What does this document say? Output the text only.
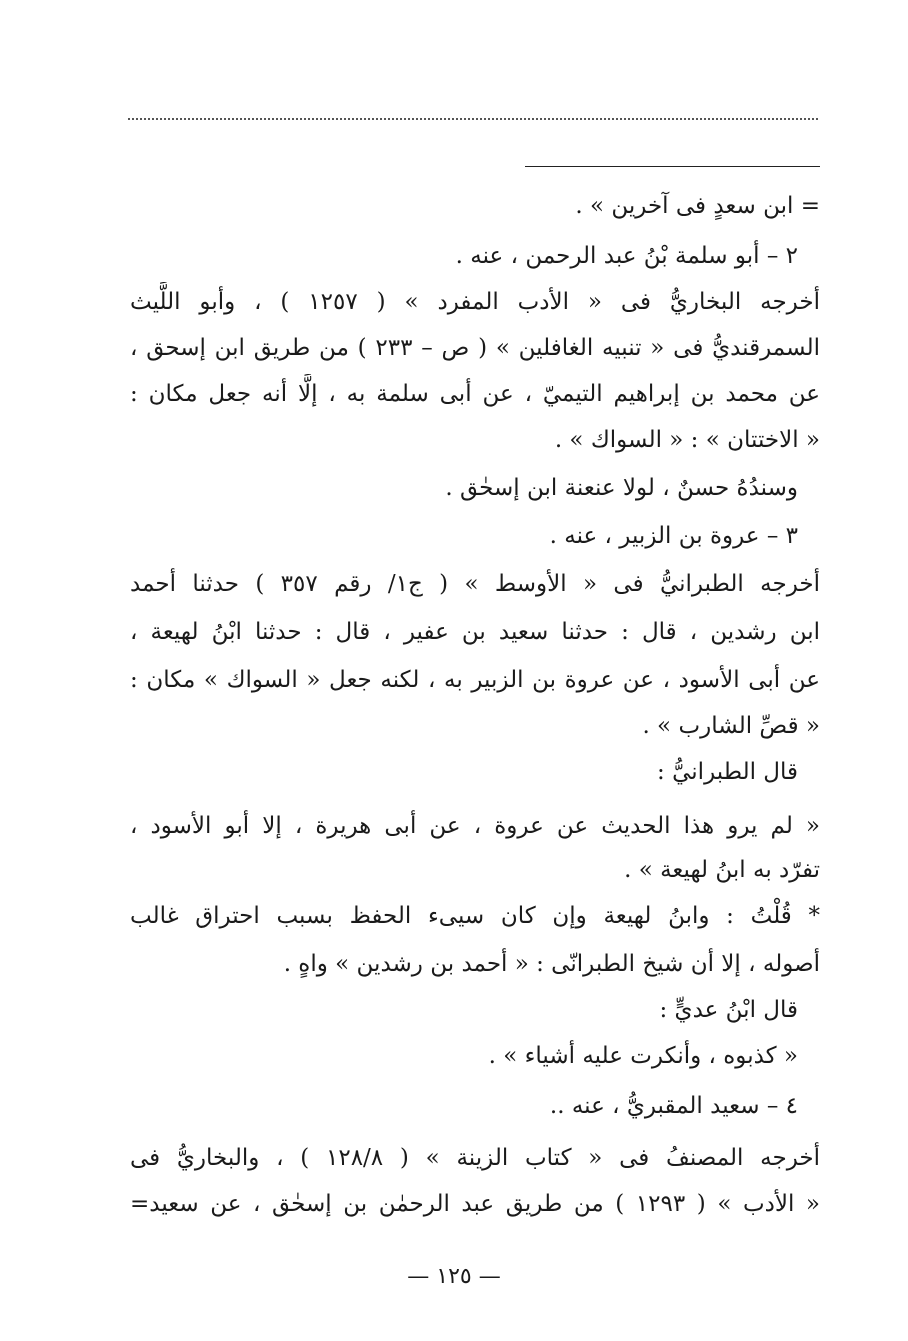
= ابن سعدٍ فى آخرين » .
٢ – أبو سلمة بْنُ عبد الرحمن ، عنه .
أخرجه البخاريُّ فى « الأدب المفرد » ( ١٢٥٧ ) ، وأبو اللَّيث
السمرقنديُّ فى « تنبيه الغافلين » ( ص – ٢٣٣ ) من طريق ابن إسحق ،
عن محمد بن إبراهيم التيميّ ، عن أبى سلمة به ، إلَّا أنه جعل مكان :
« الاختتان » : « السواك » .
وسندُهُ حسنٌ ، لولا عنعنة ابن إسحٰق .
٣ – عروة بن الزبير ، عنه .
أخرجه الطبرانيُّ فى « الأوسط » ( ج١/ رقم ٣٥٧ ) حدثنا أحمد
ابن رشدين ، قال : حدثنا سعيد بن عفير ، قال : حدثنا ابْنُ لهيعة ،
عن أبى الأسود ، عن عروة بن الزبير به ، لكنه جعل « السواك » مكان :
« قصِّ الشارب » .
قال الطبرانيُّ :
« لم يرو هذا الحديث عن عروة ، عن أبى هريرة ، إلا أبو الأسود ،
تفرّد به ابنُ لهيعة » .
* قُلْتُ : وابنُ لهيعة وإن كان سيىء الحفظ بسبب احتراق غالب
أصوله ، إلا أن شيخ الطبرانّى : « أحمد بن رشدين » واهٍ .
قال ابْنُ عديٍّ :
« كذبوه ، وأنكرت عليه أشياء » .
٤ – سعيد المقبريُّ ، عنه ..
أخرجه المصنفُ فى « كتاب الزينة » ( ١٢٨/٨ ) ، والبخاريُّ فى
« الأدب » ( ١٢٩٣ ) من طريق عبد الرحمٰن بن إسحٰق ، عن سعيد=
— ١٢٥ —
